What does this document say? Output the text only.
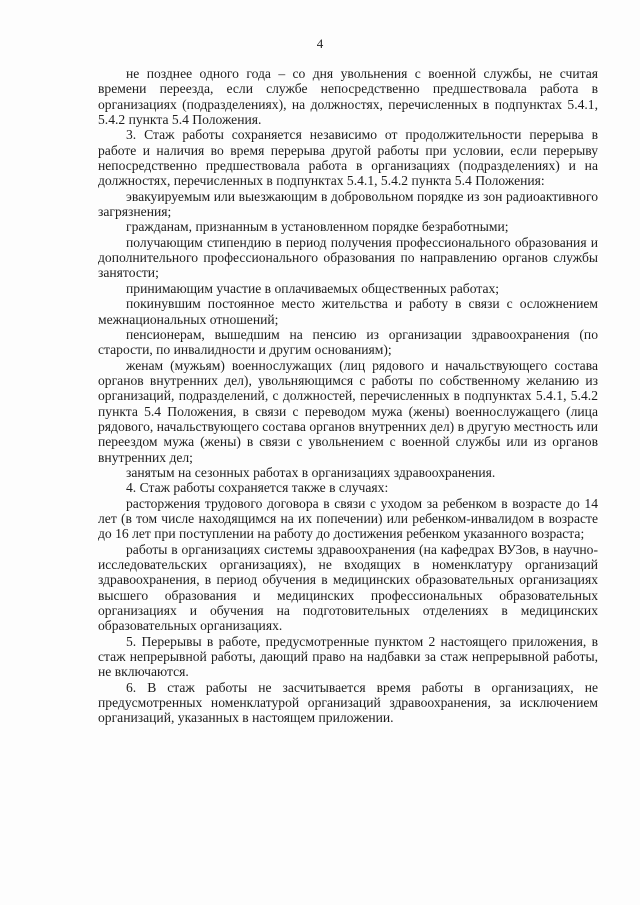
4

не позднее одного года – со дня увольнения с военной службы, не считая времени переезда, если службе непосредственно предшествовала работа в организациях (подразделениях), на должностях, перечисленных в подпунктах 5.4.1, 5.4.2 пункта 5.4 Положения.

3. Стаж работы сохраняется независимо от продолжительности перерыва в работе и наличия во время перерыва другой работы при условии, если перерыву непосредственно предшествовала работа в организациях (подразделениях) и на должностях, перечисленных в подпунктах 5.4.1, 5.4.2 пункта 5.4 Положения:

эвакуируемым или выезжающим в добровольном порядке из зон радиоактивного загрязнения;

гражданам, признанным в установленном порядке безработными;

получающим стипендию в период получения профессионального образования и дополнительного профессионального образования по направлению органов службы занятости;

принимающим участие в оплачиваемых общественных работах;

покинувшим постоянное место жительства и работу в связи с осложнением межнациональных отношений;

пенсионерам, вышедшим на пенсию из организации здравоохранения (по старости, по инвалидности и другим основаниям);

женам (мужьям) военнослужащих (лиц рядового и начальствующего состава органов внутренних дел), увольняющимся с работы по собственному желанию из организаций, подразделений, с должностей, перечисленных в подпунктах 5.4.1, 5.4.2 пункта 5.4 Положения, в связи с переводом мужа (жены) военнослужащего (лица рядового, начальствующего состава органов внутренних дел) в другую местность или переездом мужа (жены) в связи с увольнением с военной службы или из органов внутренних дел;

занятым на сезонных работах в организациях здравоохранения.

4. Стаж работы сохраняется также в случаях:

расторжения трудового договора в связи с уходом за ребенком в возрасте до 14 лет (в том числе находящимся на их попечении) или ребенком-инвалидом в возрасте до 16 лет при поступлении на работу до достижения ребенком указанного возраста;

работы в организациях системы здравоохранения (на кафедрах ВУЗов, в научно-исследовательских организациях), не входящих в номенклатуру организаций здравоохранения, в период обучения в медицинских образовательных организациях высшего образования и медицинских профессиональных образовательных организациях и обучения на подготовительных отделениях в медицинских образовательных организациях.

5. Перерывы в работе, предусмотренные пунктом 2 настоящего приложения, в стаж непрерывной работы, дающий право на надбавки за стаж непрерывной работы, не включаются.

6. В стаж работы не засчитывается время работы в организациях, не предусмотренных номенклатурой организаций здравоохранения, за исключением организаций, указанных в настоящем приложении.
